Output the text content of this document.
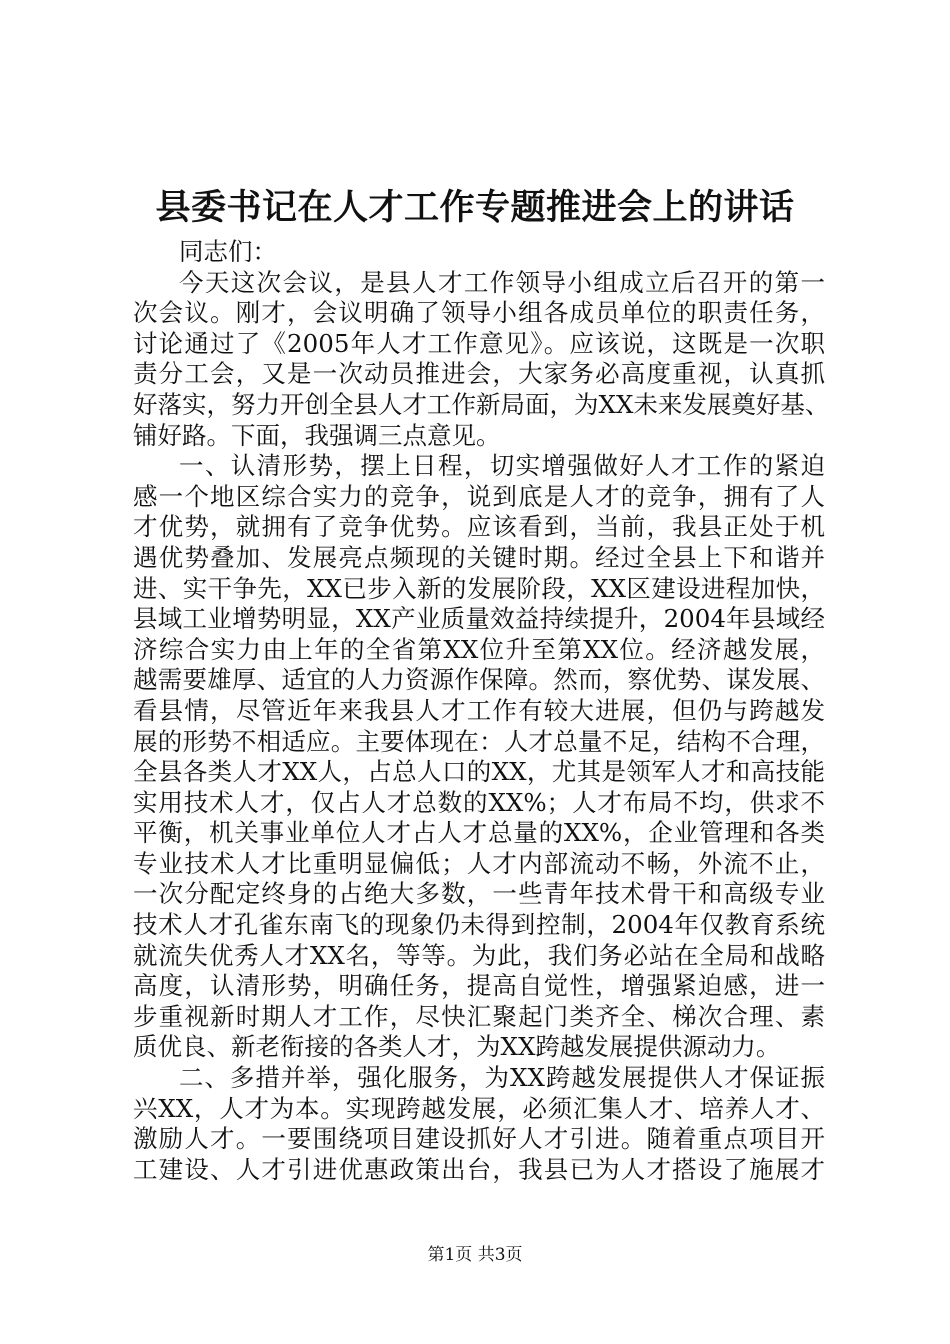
县委书记在人才工作专题推进会上的讲话
同志们：
今天这次会议，是县人才工作领导小组成立后召开的第一
次会议。刚才，会议明确了领导小组各成员单位的职责任务，
讨论通过了《2005年人才工作意见》。应该说，这既是一次职
责分工会，又是一次动员推进会，大家务必高度重视，认真抓
好落实，努力开创全县人才工作新局面，为XX未来发展奠好基、
铺好路。下面，我强调三点意见。
一、认清形势，摆上日程，切实增强做好人才工作的紧迫
感一个地区综合实力的竞争，说到底是人才的竞争，拥有了人
才优势，就拥有了竞争优势。应该看到，当前，我县正处于机
遇优势叠加、发展亮点频现的关键时期。经过全县上下和谐并
进、实干争先，XX已步入新的发展阶段，XX区建设进程加快，
县域工业增势明显，XX产业质量效益持续提升，2004年县域经
济综合实力由上年的全省第XX位升至第XX位。经济越发展，
越需要雄厚、适宜的人力资源作保障。然而，察优势、谋发展、
看县情，尽管近年来我县人才工作有较大进展，但仍与跨越发
展的形势不相适应。主要体现在：人才总量不足，结构不合理，
全县各类人才XX人，占总人口的XX，尤其是领军人才和高技能
实用技术人才，仅占人才总数的XX%；人才布局不均，供求不
平衡，机关事业单位人才占人才总量的XX%，企业管理和各类
专业技术人才比重明显偏低；人才内部流动不畅，外流不止，
一次分配定终身的占绝大多数，一些青年技术骨干和高级专业
技术人才孔雀东南飞的现象仍未得到控制，2004年仅教育系统
就流失优秀人才XX名，等等。为此，我们务必站在全局和战略
高度，认清形势，明确任务，提高自觉性，增强紧迫感，进一
步重视新时期人才工作，尽快汇聚起门类齐全、梯次合理、素
质优良、新老衔接的各类人才，为XX跨越发展提供源动力。
二、多措并举，强化服务，为XX跨越发展提供人才保证振
兴XX，人才为本。实现跨越发展，必须汇集人才、培养人才、
激励人才。一要围绕项目建设抓好人才引进。随着重点项目开
工建设、人才引进优惠政策出台，我县已为人才搭设了施展才
第1页 共3页
